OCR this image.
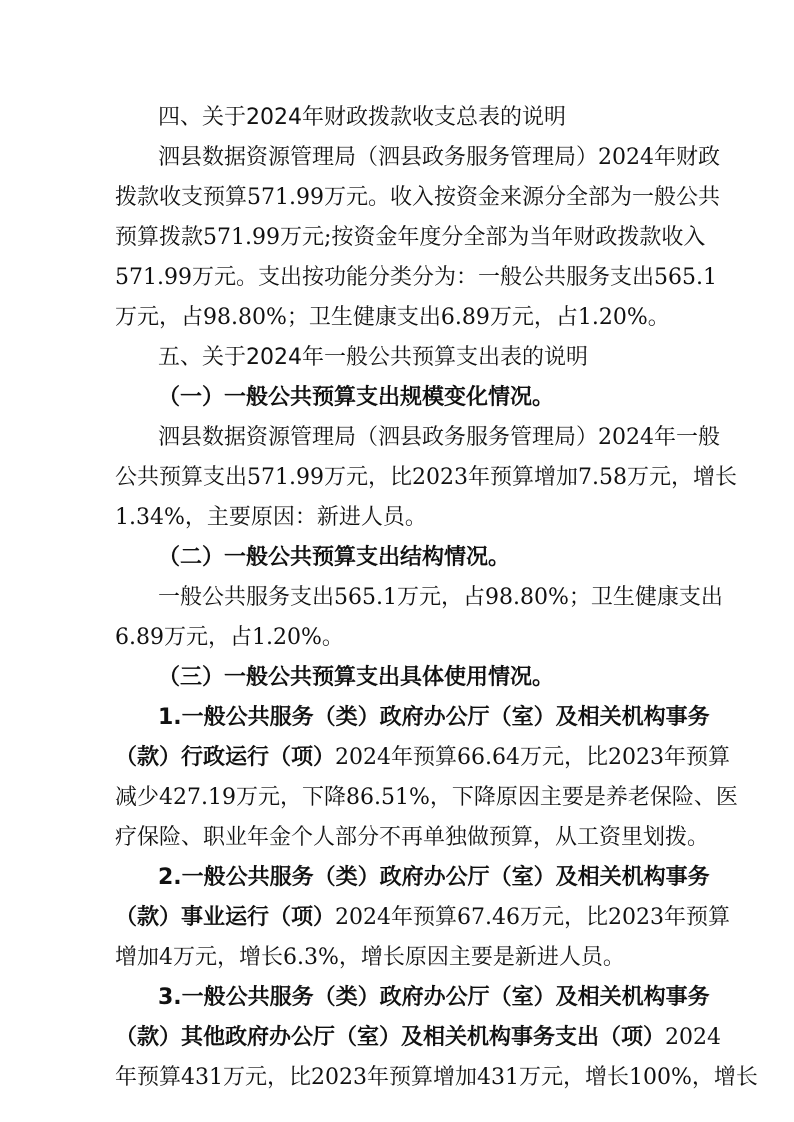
四、关于2024年财政拨款收支总表的说明
泗县数据资源管理局（泗县政务服务管理局）2024年财政
拨款收支预算571.99万元。收入按资金来源分全部为一般公共
预算拨款571.99万元;按资金年度分全部为当年财政拨款收入
571.99万元。支出按功能分类分为：一般公共服务支出565.1
万元，占98.80%；卫生健康支出6.89万元，占1.20%。
五、关于2024年一般公共预算支出表的说明
（一）一般公共预算支出规模变化情况。
泗县数据资源管理局（泗县政务服务管理局）2024年一般
公共预算支出571.99万元，比2023年预算增加7.58万元，增长
1.34%，主要原因：新进人员。
（二）一般公共预算支出结构情况。
一般公共服务支出565.1万元，占98.80%；卫生健康支出
6.89万元，占1.20%。
（三）一般公共预算支出具体使用情况。
1.一般公共服务（类）政府办公厅（室）及相关机构事务
（款）行政运行（项）2024年预算66.64万元，比2023年预算
减少427.19万元，下降86.51%，下降原因主要是养老保险、医
疗保险、职业年金个人部分不再单独做预算，从工资里划拨。
2.一般公共服务（类）政府办公厅（室）及相关机构事务
（款）事业运行（项）2024年预算67.46万元，比2023年预算
增加4万元，增长6.3%，增长原因主要是新进人员。
3.一般公共服务（类）政府办公厅（室）及相关机构事务
（款）其他政府办公厅（室）及相关机构事务支出（项）2024
年预算431万元，比2023年预算增加431万元，增长100%，增长
